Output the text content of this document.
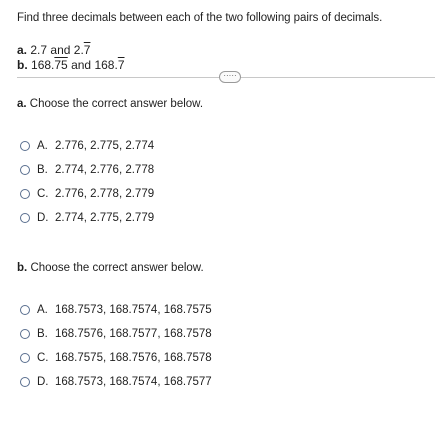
Find three decimals between each of the two following pairs of decimals.
a. 2.7 and 2.7
b. 168.75 and 168.7
·····
a. Choose the correct answer below.
A. 2.776, 2.775, 2.774
B. 2.774, 2.776, 2.778
C. 2.776, 2.778, 2.779
D. 2.774, 2.775, 2.779
b. Choose the correct answer below.
A. 168.7573, 168.7574, 168.7575
B. 168.7576, 168.7577, 168.7578
C. 168.7575, 168.7576, 168.7578
D. 168.7573, 168.7574, 168.7577
